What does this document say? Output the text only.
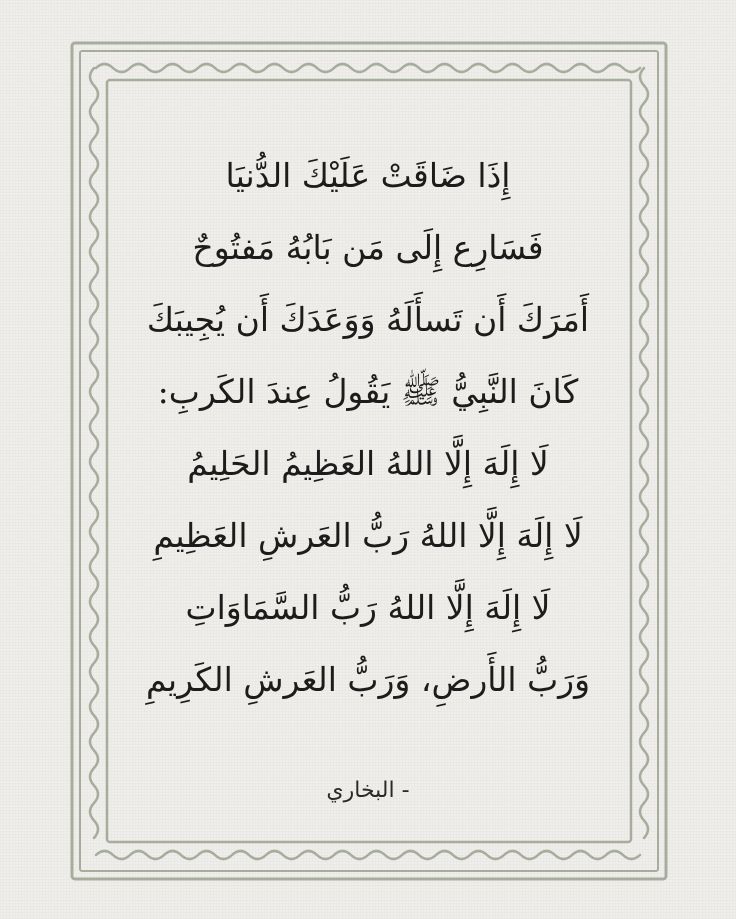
إِذَا ضَاقَتْ عَلَيْكَ الدُّنيَا
فَسَارِع إِلَى مَن بَابُهُ مَفتُوحٌ
أَمَرَكَ أَن تَسأَلَهُ وَوَعَدَكَ أَن يُجِيبَكَ
كَانَ النَّبِيُّ ﷺ يَقُولُ عِندَ الكَربِ:
لَا إِلَهَ إِلَّا اللهُ العَظِيمُ الحَلِيمُ
لَا إِلَهَ إِلَّا اللهُ رَبُّ العَرشِ العَظِيمِ
لَا إِلَهَ إِلَّا اللهُ رَبُّ السَّمَاوَاتِ
وَرَبُّ الأَرضِ، وَرَبُّ العَرشِ الكَرِيمِ
- البخاري
